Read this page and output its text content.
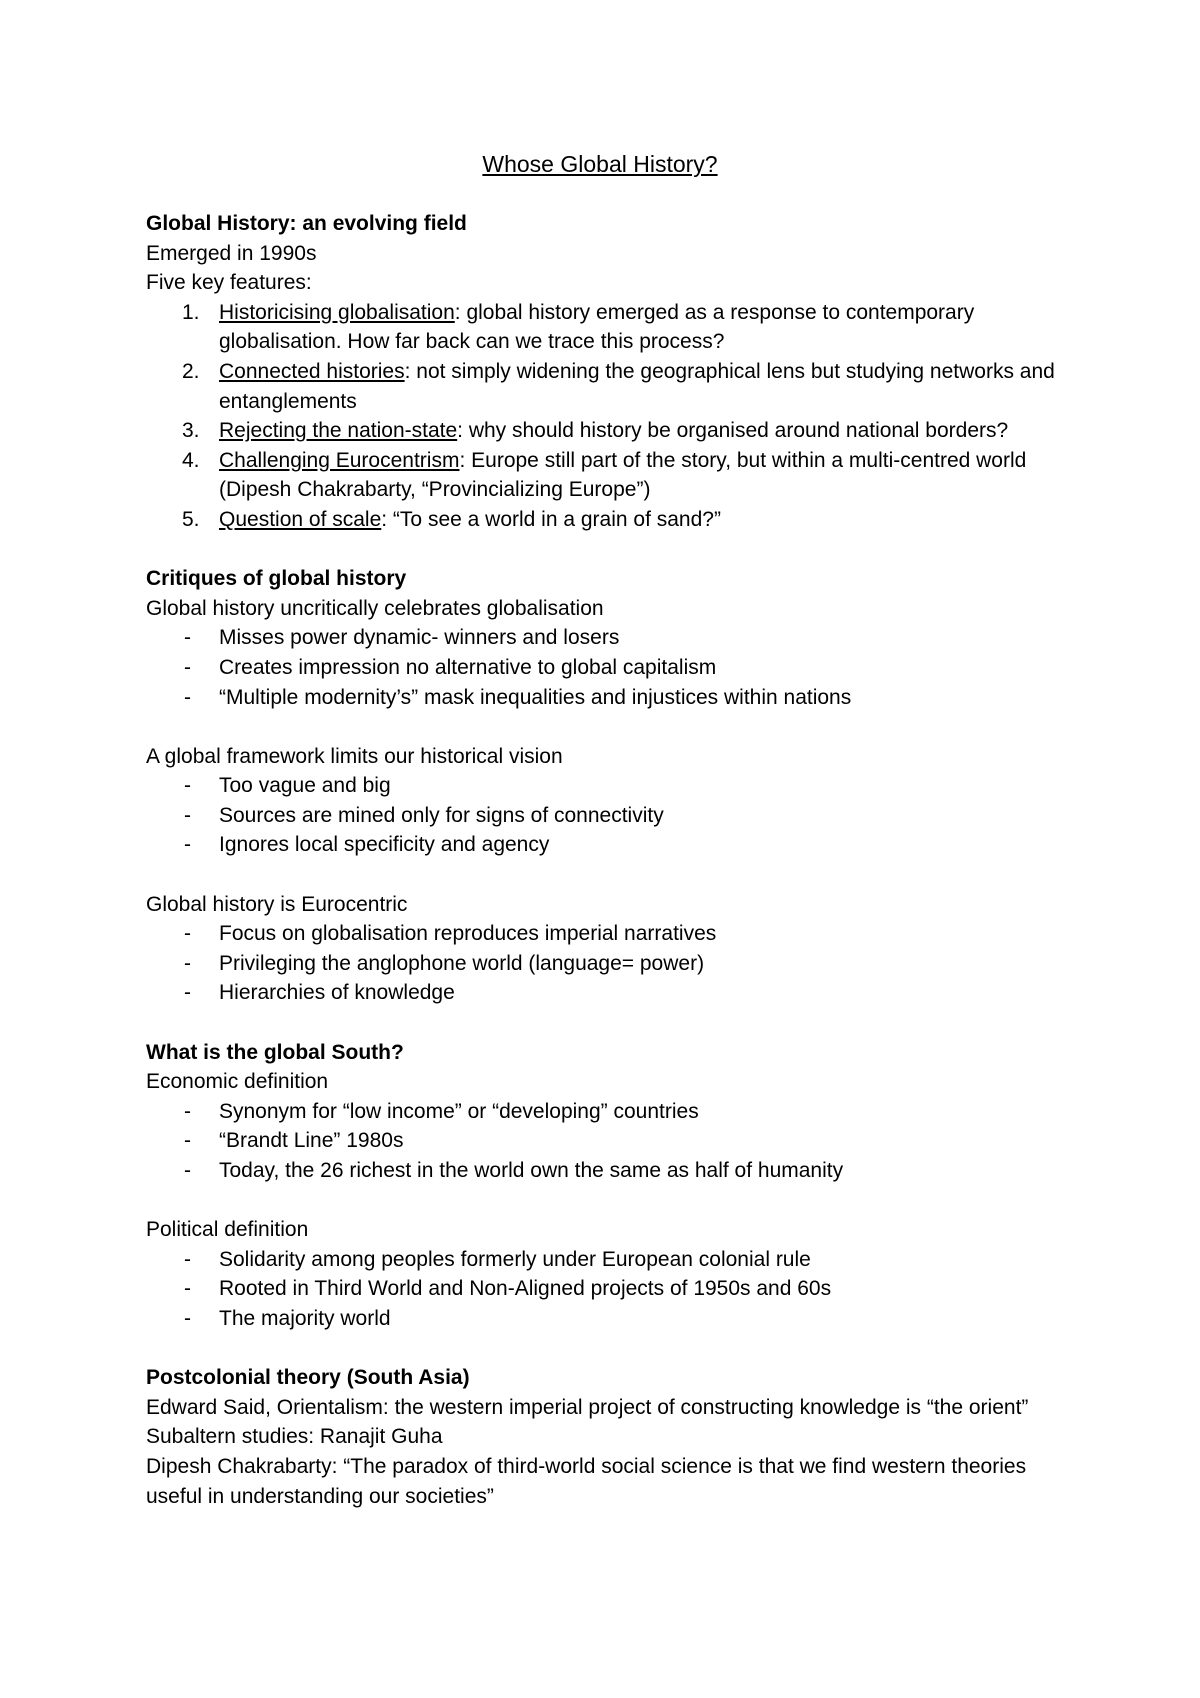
Whose Global History?
Global History: an evolving field
Emerged in 1990s
Five key features:
1. Historicising globalisation: global history emerged as a response to contemporary globalisation. How far back can we trace this process?
2. Connected histories: not simply widening the geographical lens but studying networks and entanglements
3. Rejecting the nation-state: why should history be organised around national borders?
4. Challenging Eurocentrism: Europe still part of the story, but within a multi-centred world (Dipesh Chakrabarty, “Provincializing Europe”)
5. Question of scale: “To see a world in a grain of sand?”
Critiques of global history
Global history uncritically celebrates globalisation
- Misses power dynamic- winners and losers
- Creates impression no alternative to global capitalism
- “Multiple modernity’s” mask inequalities and injustices within nations
A global framework limits our historical vision
- Too vague and big
- Sources are mined only for signs of connectivity
- Ignores local specificity and agency
Global history is Eurocentric
- Focus on globalisation reproduces imperial narratives
- Privileging the anglophone world (language= power)
- Hierarchies of knowledge
What is the global South?
Economic definition
- Synonym for “low income” or “developing” countries
- “Brandt Line” 1980s
- Today, the 26 richest in the world own the same as half of humanity
Political definition
- Solidarity among peoples formerly under European colonial rule
- Rooted in Third World and Non-Aligned projects of 1950s and 60s
- The majority world
Postcolonial theory (South Asia)
Edward Said, Orientalism: the western imperial project of constructing knowledge is “the orient”
Subaltern studies: Ranajit Guha
Dipesh Chakrabarty: “The paradox of third-world social science is that we find western theories useful in understanding our societies”
